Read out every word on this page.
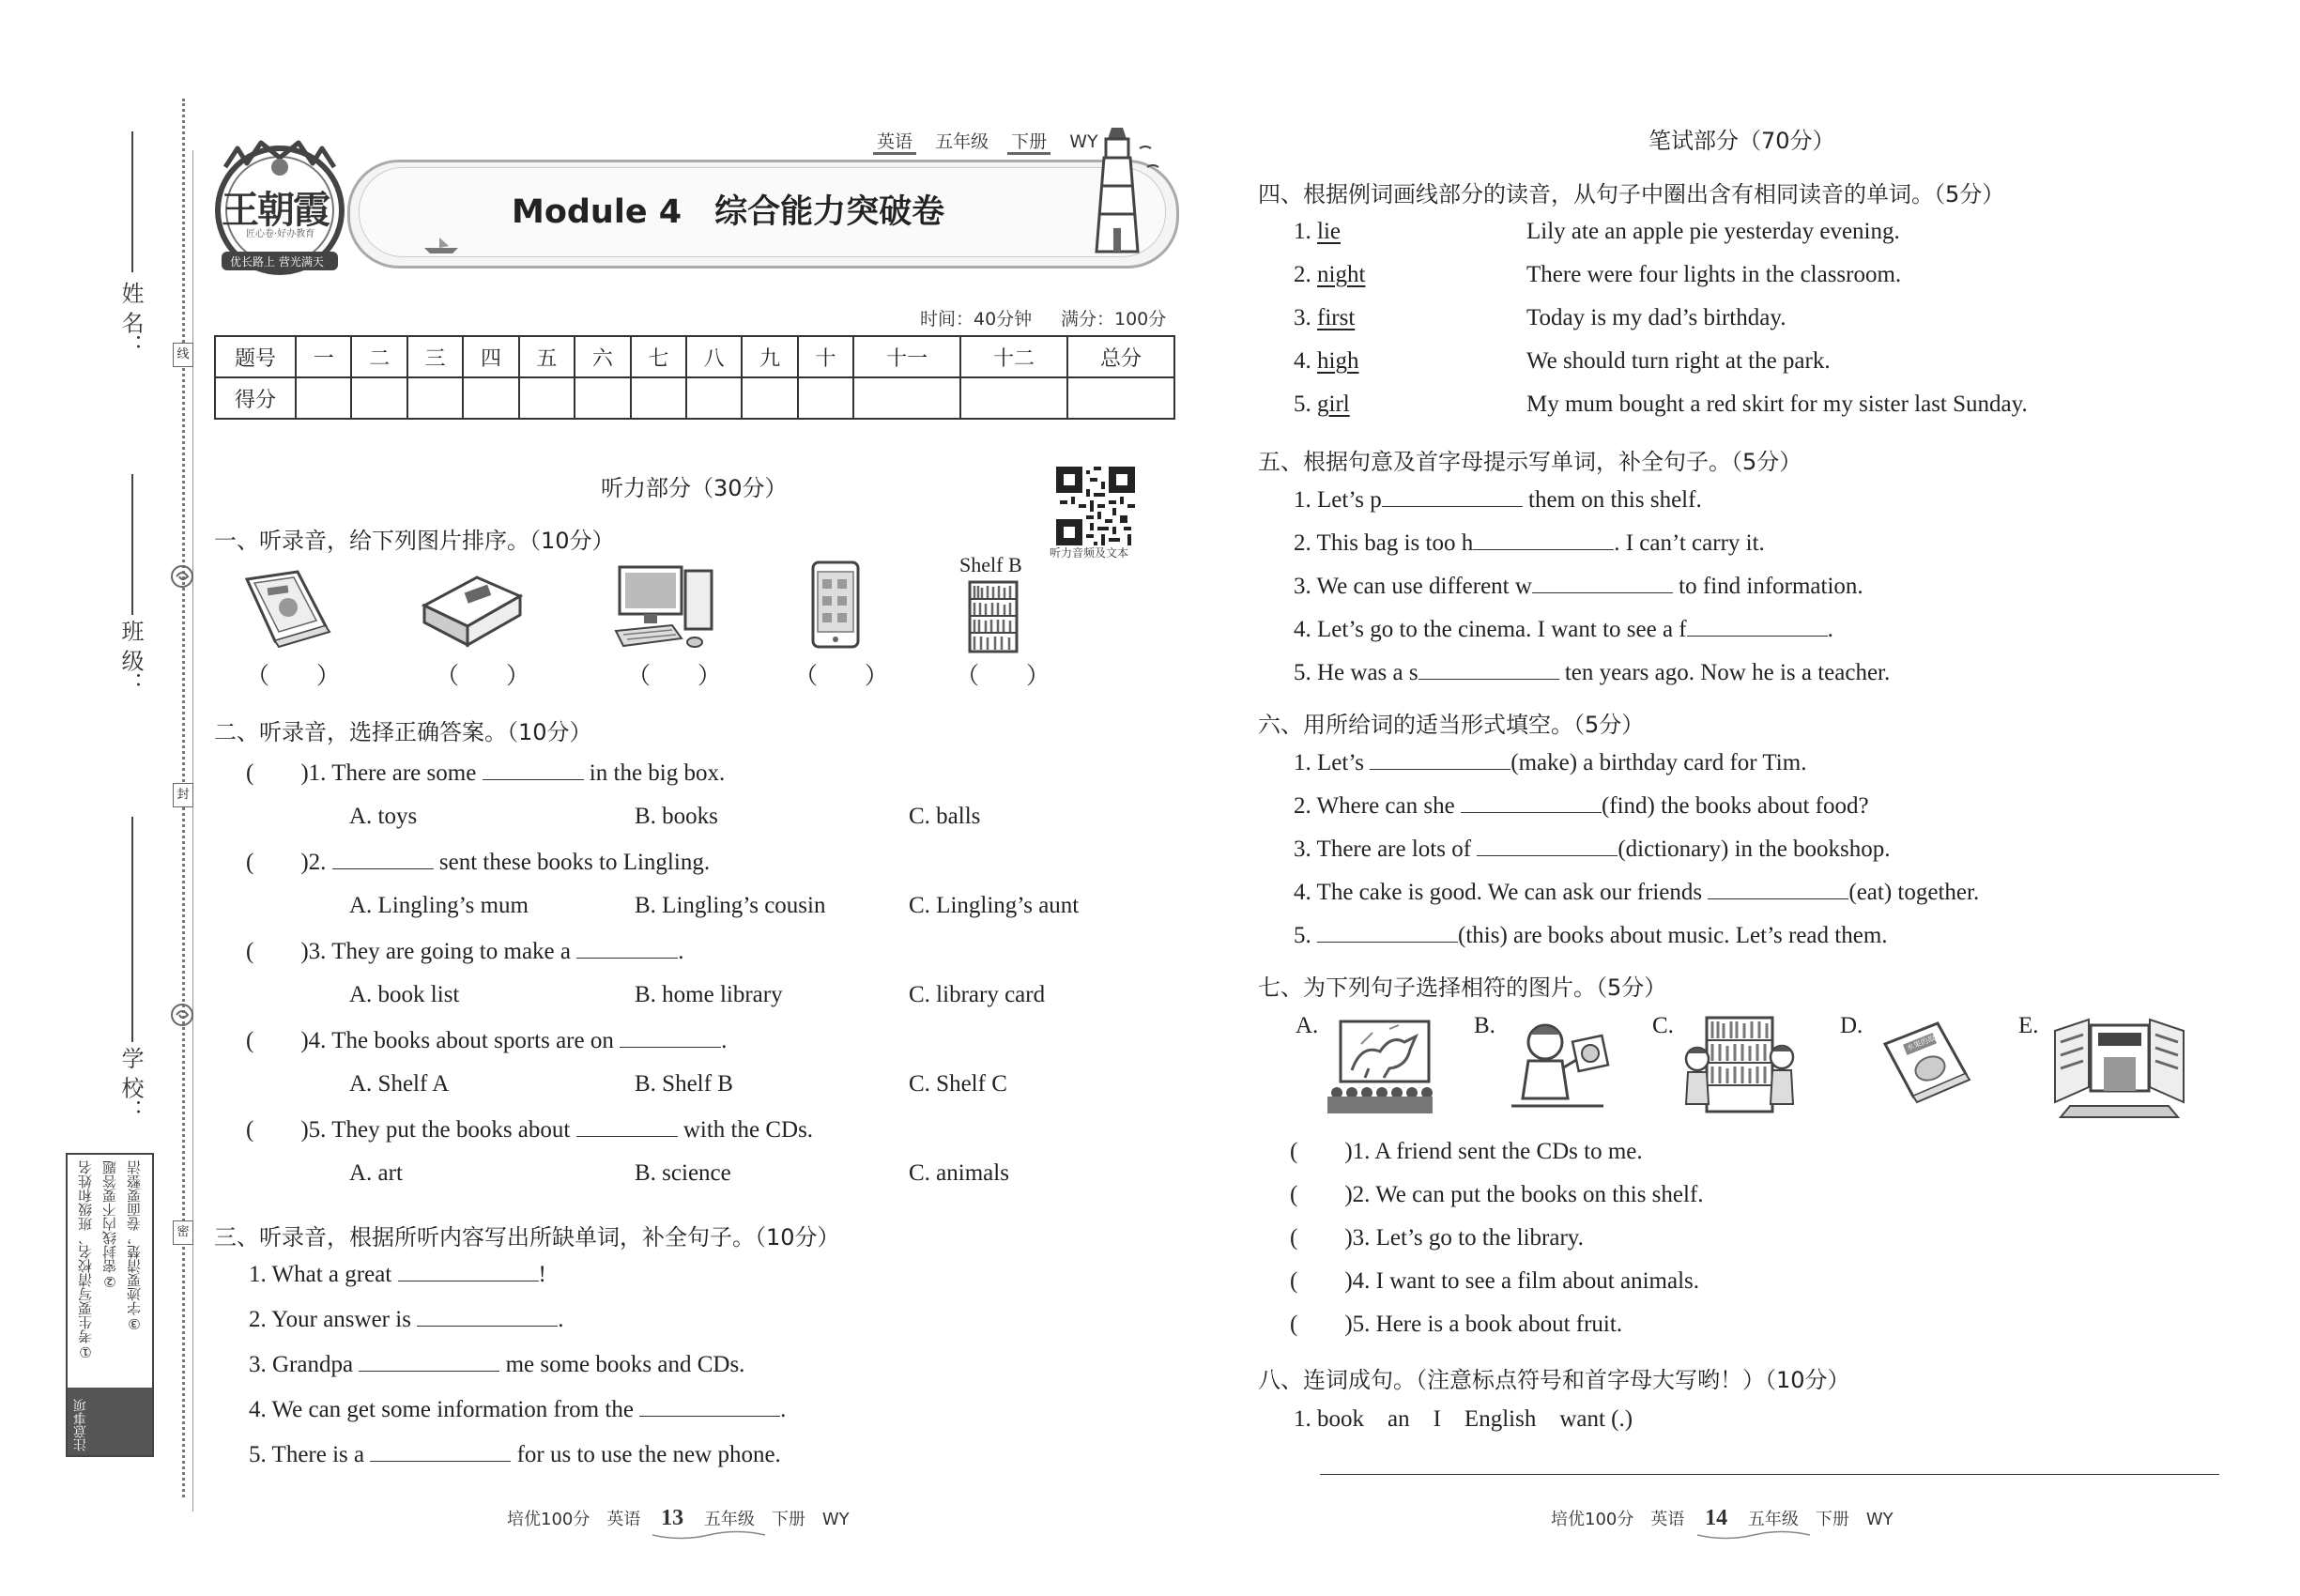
姓 名：
班 级：
学 校：
线
封
密
注意事项
①考生要写清校名、班级和姓名 ②密封线内不要答题 ③字迹要清楚，卷面要整洁
王朝霞
匠心卷·好办教育
优长路上 营光满天
英语 五年级 下册 WY
Module 4　综合能力突破卷
时间：40分钟 满分：100分
题号	一	二	三	四	五	六	七	八	九	十	十一	十二	总分
得分													
听力部分（30分）
听力音频及文本
一、听录音，给下列图片排序。（10分）
Shelf B
（　　）	（　　）	（　　）	（　　）	（　　）
二、听录音，选择正确答案。（10分）
(　　)1. There are some	in the big box.
A. toys	B. books	C. balls
(　　)2.	sent these books to Lingling.
A. Lingling’s mum	B. Lingling’s cousin	C. Lingling’s aunt
(　　)3. They are going to make a	.
A. book list	B. home library	C. library card
(　　)4. The books about sports are on	.
A. Shelf A	B. Shelf B	C. Shelf C
(　　)5. They put the books about	with the CDs.
A. art	B. science	C. animals
三、听录音，根据所听内容写出所缺单词，补全句子。（10分）
1. What a great	!
2. Your answer is	.
3. Grandpa	me some books and CDs.
4. We can get some information from the	.
5. There is a	for us to use the new phone.
培优100分　英语 13 五年级　下册　WY
笔试部分（70分）
四、根据例词画线部分的读音，从句子中圈出含有相同读音的单词。（5分）
1. lie	Lily ate an apple pie yesterday evening.
2. night	There were four lights in the classroom.
3. first	Today is my dad’s birthday.
4. high	We should turn right at the park.
5. girl	My mum bought a red skirt for my sister last Sunday.
五、根据句意及首字母提示写单词，补全句子。（5分）
1. Let’s p	them on this shelf.
2. This bag is too h	. I can’t carry it.
3. We can use different w	to find information.
4. Let’s go to the cinema. I want to see a f	.
5. He was a s	ten years ago. Now he is a teacher.
六、用所给词的适当形式填空。（5分）
1. Let’s	(make) a birthday card for Tim.
2. Where can she	(find) the books about food?
3. There are lots of	(dictionary) in the bookshop.
4. The cake is good. We can ask our friends	(eat) together.
5.	(this) are books about music. Let’s read them.
七、为下列句子选择相符的图片。（5分）
A.	B.	C.	D.
水果的故事
E.
(　　)1. A friend sent the CDs to me.
(　　)2. We can put the books on this shelf.
(　　)3. Let’s go to the library.
(　　)4. I want to see a film about animals.
(　　)5. Here is a book about fruit.
八、连词成句。（注意标点符号和首字母大写哟！）（10分）
1. book　an　I　English　want (.)
培优100分　英语 14 五年级　下册　WY
